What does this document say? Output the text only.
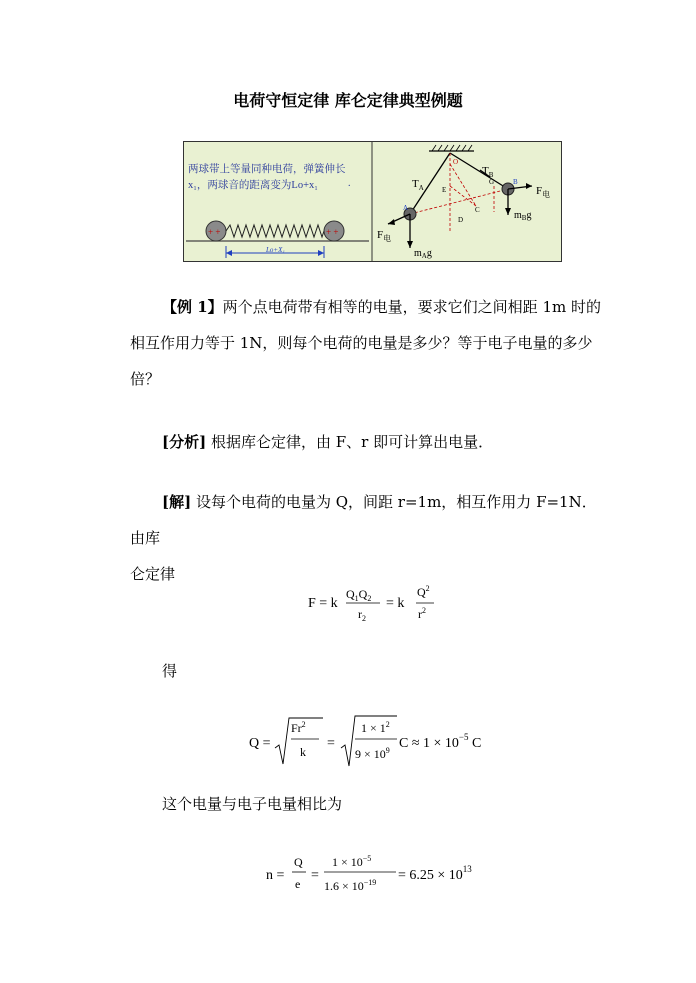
电荷守恒定律 库仑定律典型例题
两球带上等量同种电荷，弹簧伸长
x₁，两球音的距离变为Lo+x₁	.
+ +	+ +
Lo+X₁
$T_A$
$T_B$
$F_电$
$F_电$
$m_Bg$
$m_Ag$
A
B
C
D
E
G
O
【例 1】两个点电荷带有相等的电量，要求它们之间相距 1m 时的
相互作用力等于 1N，则每个电荷的电量是多少？等于电子电量的多少
倍？
[分析] 根据库仑定律，由 F、r 即可计算出电量．
[解] 设每个电荷的电量为 Q，间距 r=1m，相互作用力 F=1N．由库
仑定律
F = k
$Q_1Q_2$
$r_2$
= k
$Q^2$
$r^2$
得
Q =
$Fr^2$
k
=
$1 \times 1^2$
$9 \times 10^9$ $C \approx 1 \times 10^{-5}$ C
这个电量与电子电量相比为
n =
Q
e
=
$1 \times 10^{-5}$
$1.6 \times 10^{-19} = 6.25 \times 10^{13}$
